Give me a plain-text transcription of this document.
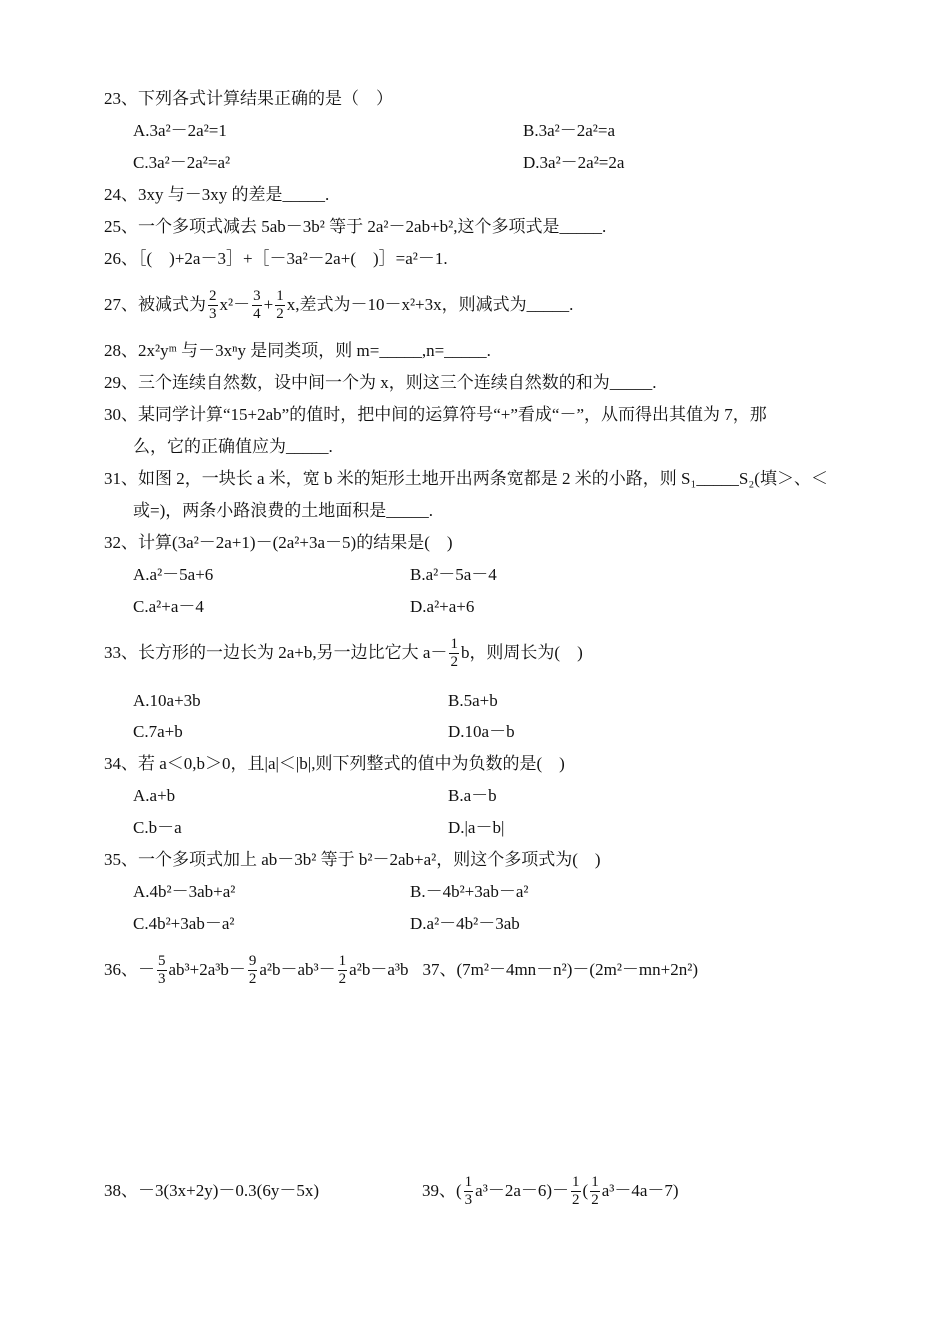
23、下列各式计算结果正确的是（　）
A.3a²－2a²=1	B.3a²－2a²=a
C.3a²－2a²=a²	D.3a²－2a²=2a
24、3xy 与－3xy 的差是_____.
25、一个多项式减去 5ab－3b² 等于 2a²－2ab+b²,这个多项式是_____.
26、［(　)+2a－3］+［－3a²－2a+(　)］=a²－1.
27、被减式为 $\frac{2}{3} x^2- \frac{3}{4} + \frac{1}{2} x$,差式为－10－x²+3x，则减式为_____.
28、2x²yᵐ 与－3xⁿy 是同类项，则 m=_____,n=_____.
29、三个连续自然数，设中间一个为 x，则这三个连续自然数的和为_____.
30、某同学计算“15+2ab”的值时，把中间的运算符号“+”看成“－”，从而得出其值为 7，那
么，它的正确值应为_____.
31、如图 2，一块长 a 米，宽 b 米的矩形土地开出两条宽都是 2 米的小路，则 S₁_____S₂(填＞、＜
或=)，两条小路浪费的土地面积是_____.
32、计算(3a²－2a+1)－(2a²+3a－5)的结果是(　)
A.a²－5a+6	B.a²－5a－4
C.a²+a－4	D.a²+a+6
33、长方形的一边长为 2a+b,另一边比它大 $a- \frac{1}{2}$ b，则周长为(　)
A.10a+3b	B.5a+b
C.7a+b	D.10a－b
34、若 a＜0,b＞0，且|a|＜|b|,则下列整式的值中为负数的是(　)
A.a+b	B.a－b
C.b－a	D.|a－b|
35、一个多项式加上 ab－3b² 等于 b²－2ab+a²，则这个多项式为(　)
A.4b²－3ab+a²	B.－4b²+3ab－a²
C.4b²+3ab－a²	D.a²－4b²－3ab
36、－ $\frac{5}{3} ab^3+2a^3b- \frac{9}{2} a^2b-ab^3- \frac{1}{2} a^2b-a^3b$ 37、(7m²－4mn－n²)－(2m²－mn+2n²)
38、－3(3x+2y)－0.3(6y－5x)	39、( $\frac{1}{3} a^3-2a-6)- \frac{1}{2}$ ( $\frac{1}{2} a^3-4a-7$)
